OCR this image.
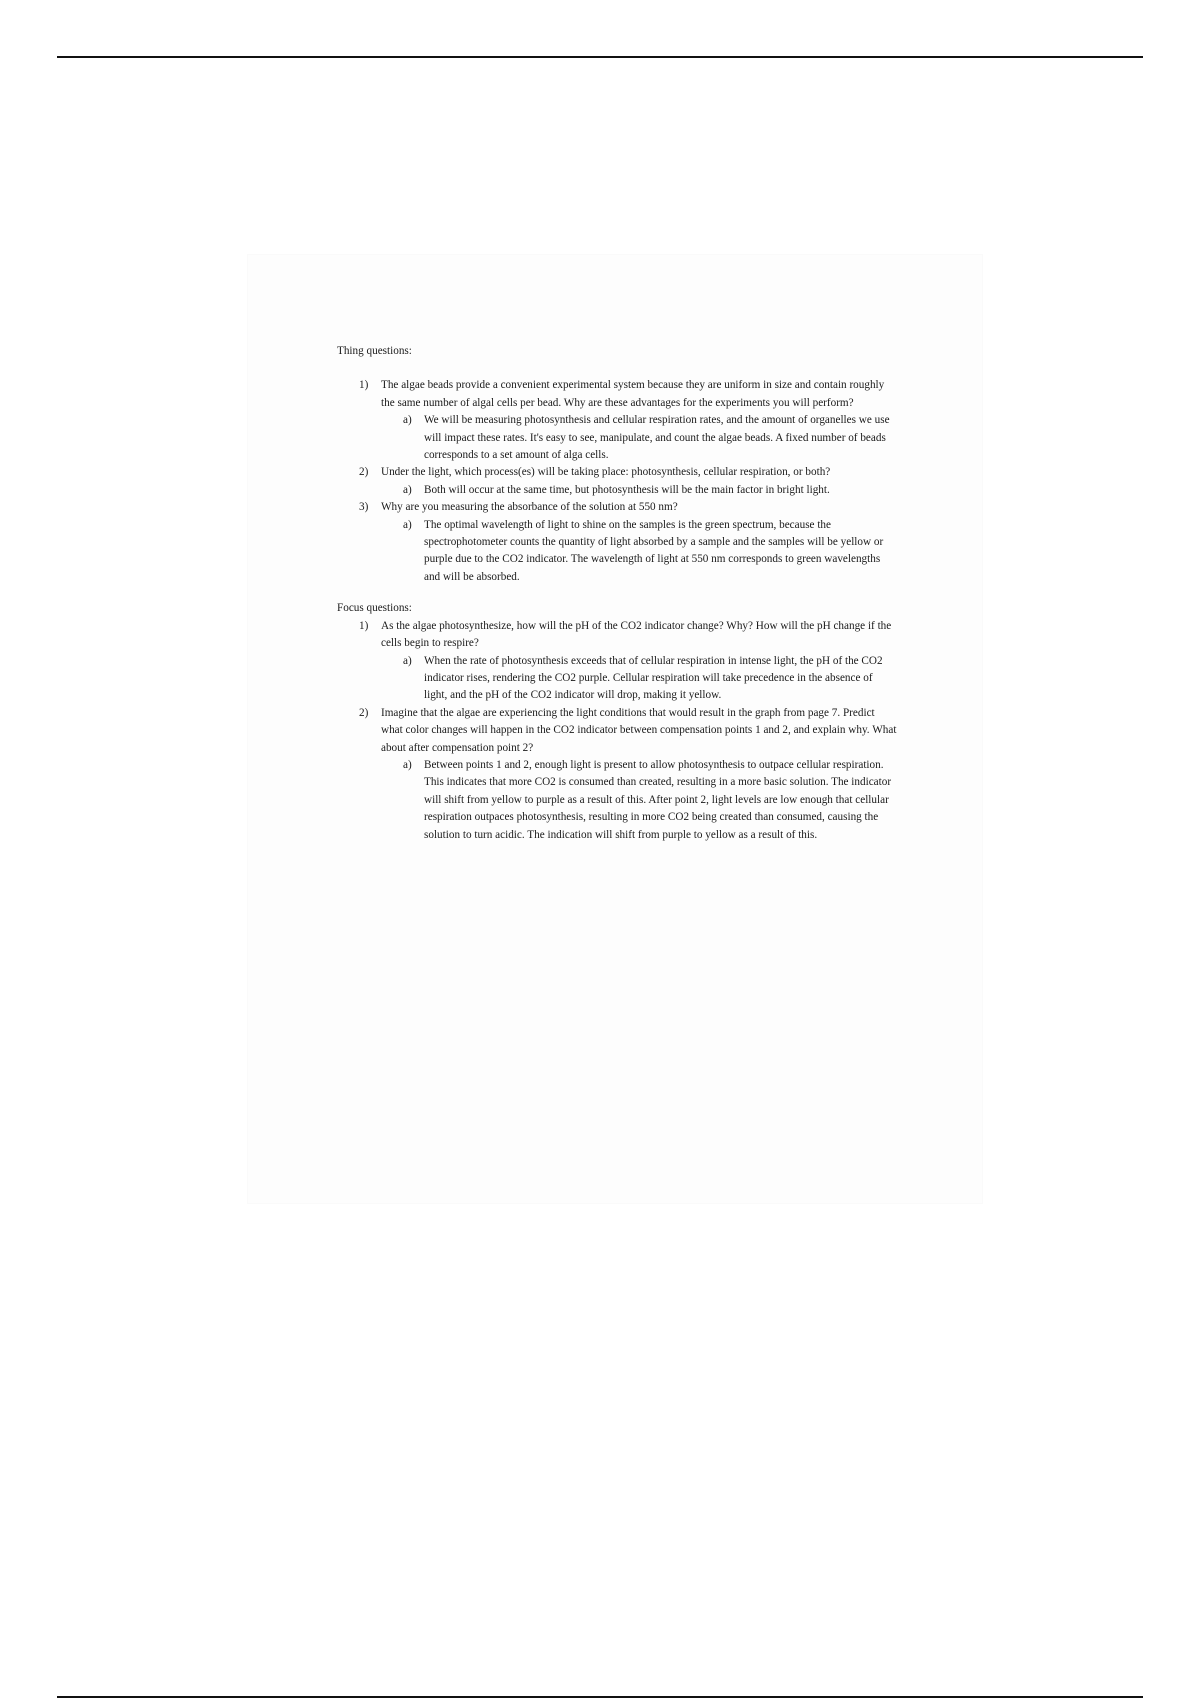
Thing questions:

1) The algae beads provide a convenient experimental system because they are uniform in size and contain roughly the same number of algal cells per bead. Why are these advantages for the experiments you will perform?
a) We will be measuring photosynthesis and cellular respiration rates, and the amount of organelles we use will impact these rates. It's easy to see, manipulate, and count the algae beads. A fixed number of beads corresponds to a set amount of alga cells.
2) Under the light, which process(es) will be taking place: photosynthesis, cellular respiration, or both?
a) Both will occur at the same time, but photosynthesis will be the main factor in bright light.
3) Why are you measuring the absorbance of the solution at 550 nm?
a) The optimal wavelength of light to shine on the samples is the green spectrum, because the spectrophotometer counts the quantity of light absorbed by a sample and the samples will be yellow or purple due to the CO2 indicator. The wavelength of light at 550 nm corresponds to green wavelengths and will be absorbed.

Focus questions:

1) As the algae photosynthesize, how will the pH of the CO2 indicator change? Why? How will the pH change if the cells begin to respire?
a) When the rate of photosynthesis exceeds that of cellular respiration in intense light, the pH of the CO2 indicator rises, rendering the CO2 purple. Cellular respiration will take precedence in the absence of light, and the pH of the CO2 indicator will drop, making it yellow.
2) Imagine that the algae are experiencing the light conditions that would result in the graph from page 7. Predict what color changes will happen in the CO2 indicator between compensation points 1 and 2, and explain why. What about after compensation point 2?
a) Between points 1 and 2, enough light is present to allow photosynthesis to outpace cellular respiration. This indicates that more CO2 is consumed than created, resulting in a more basic solution. The indicator will shift from yellow to purple as a result of this. After point 2, light levels are low enough that cellular respiration outpaces photosynthesis, resulting in more CO2 being created than consumed, causing the solution to turn acidic. The indication will shift from purple to yellow as a result of this.
